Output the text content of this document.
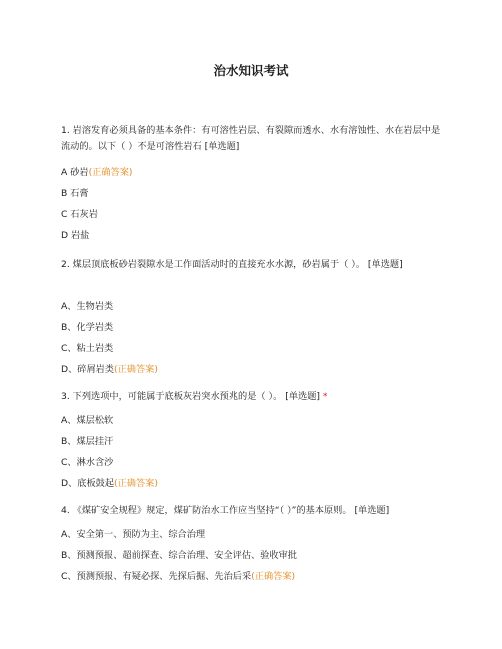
治水知识考试
1. 岩溶发育必须具备的基本条件：有可溶性岩层、有裂隙而透水、水有溶蚀性、水在岩层中是流动的。以下（ ）不是可溶性岩石 [单选题]
A 砂岩(正确答案)
B 石膏
C 石灰岩
D 岩盐
2. 煤层顶底板砂岩裂隙水是工作面活动时的直接充水水源，砂岩属于（ ）。 [单选题]
A、生物岩类
B、化学岩类
C、粘土岩类
D、碎屑岩类(正确答案)
3. 下列选项中，可能属于底板灰岩突水预兆的是（ ）。 [单选题] *
A、煤层松软
B、煤层挂汗
C、淋水含沙
D、底板鼓起(正确答案)
4. 《煤矿安全规程》规定，煤矿防治水工作应当坚持“（ ）”的基本原则。 [单选题]
A、安全第一、预防为主、综合治理
B、预测预报、超前探查、综合治理、安全评估、验收审批
C、预测预报、有疑必探、先探后掘、先治后采(正确答案)
